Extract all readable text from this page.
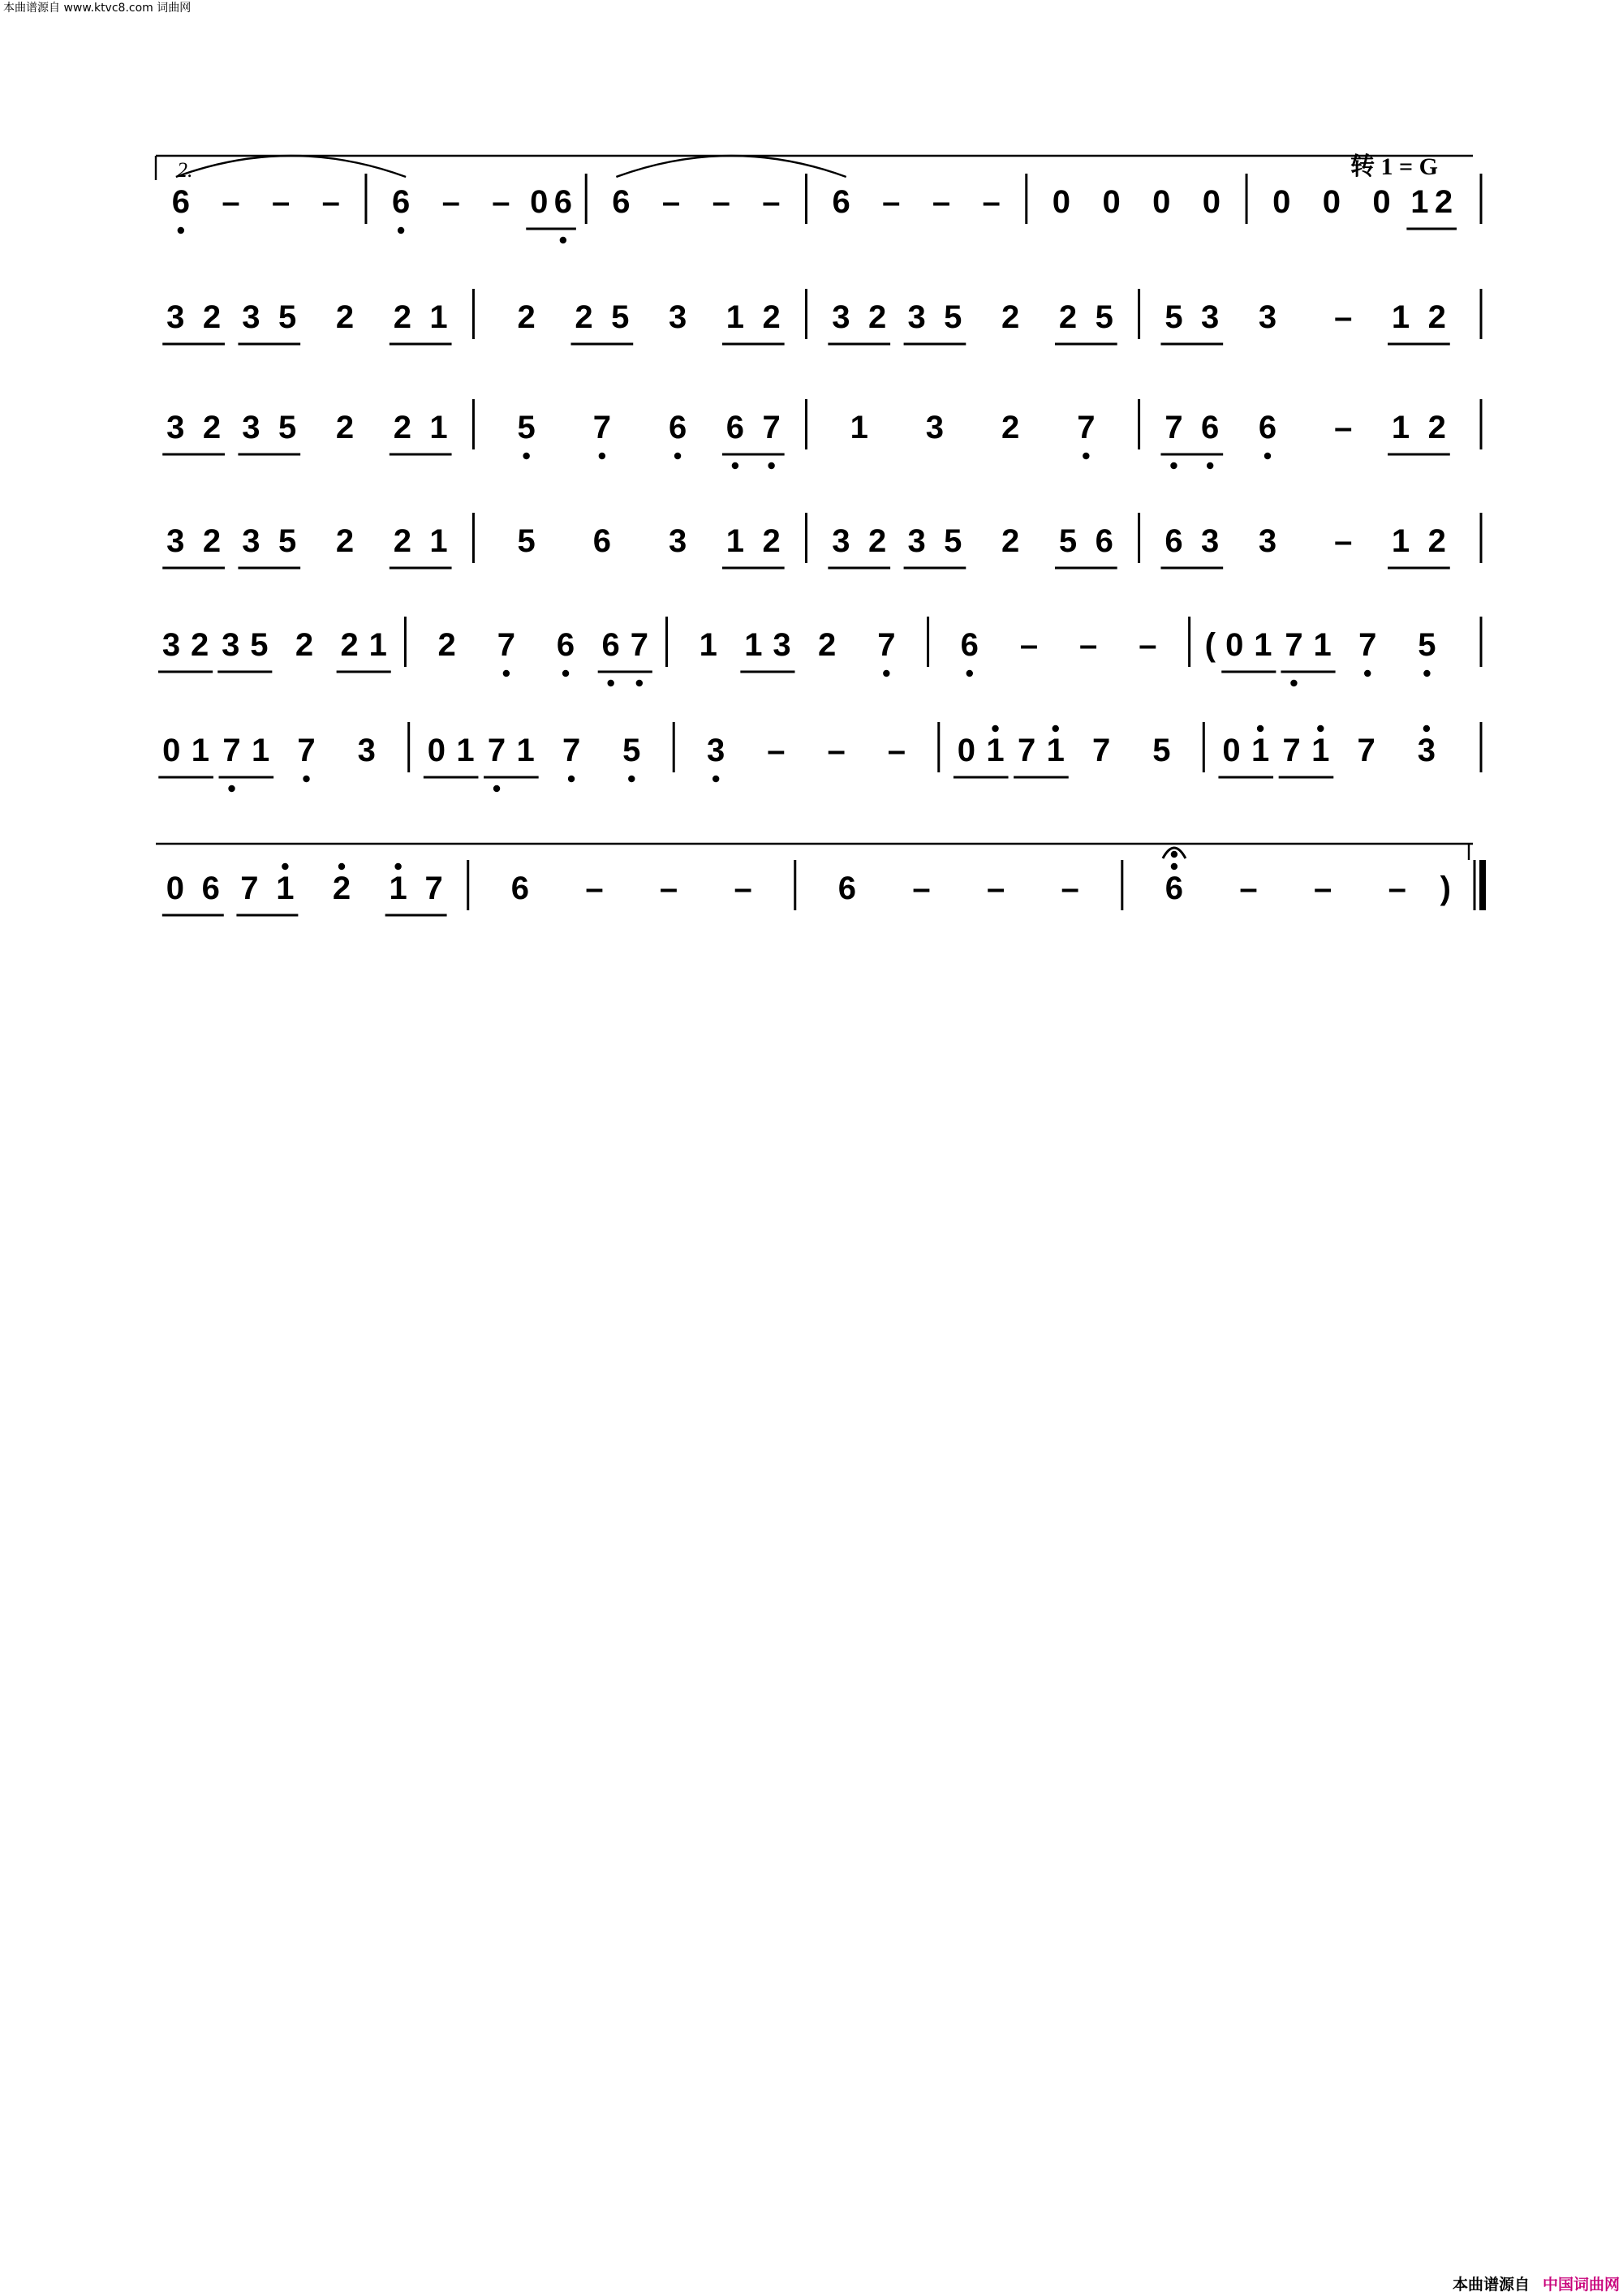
本曲谱源自 www.ktvc8.com 词曲网
转 1 = G
6 – – – 6 – – 0 6 6 – – – 6 – – – 0 0 0 0 0 0 0 1 2
3 2 3 5 2 2 1 2 2 5 3 1 2 3 2 3 5 2 2 5 5 3 3 – 1 2
3 2 3 5 2 2 1 5 7 6 6 7 1 3 2 7 7 6 6 – 1 2
3 2 3 5 2 2 1 5 6 3 1 2 3 2 3 5 2 5 6 6 3 3 – 1 2
3 2 3 5 2 2 1 2 7 6 6 7 1 1 3 2 7 6 – – – ( 0 1 7 1 7 5
0 1 7 1 7 3 0 1 7 1 7 5 3 – – – 0 1 7 1 7 5 0 1 7 1 7 3
0 6 7 1 2 1 7 6 – – –	6 – – –	6 – – – )
2.
本曲谱源自 中国词曲网
